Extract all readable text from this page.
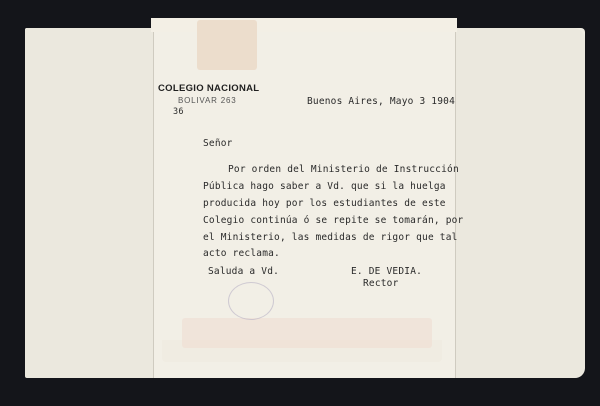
COLEGIO NACIONAL
BOLIVAR 263
36
Buenos Aires, Mayo 3 1904
Señor
Por orden del Ministerio de Instrucción
Pública hago saber a Vd. que si la huelga
producida hoy por los estudiantes de este
Colegio continúa ó se repite se tomarán, por
el Ministerio, las medidas de rigor que tal
acto reclama.
Saluda a Vd.	E. DE VEDIA.
Rector
